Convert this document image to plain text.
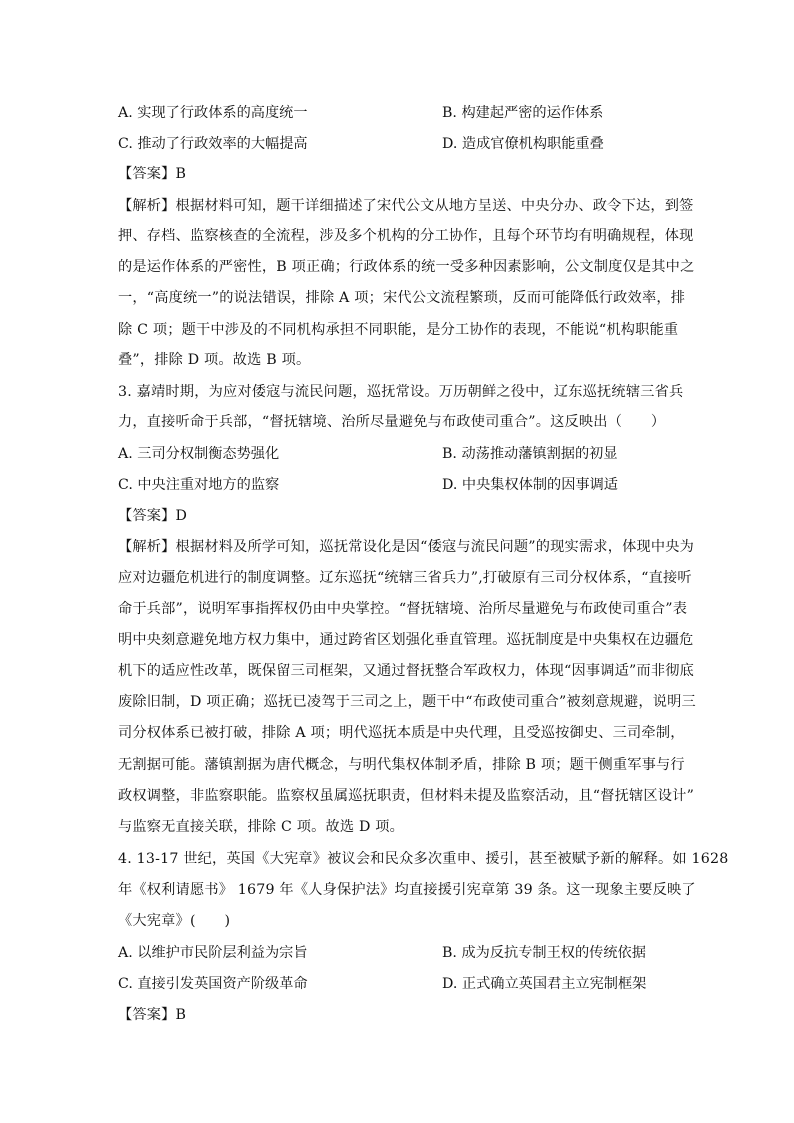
A. 实现了行政体系的高度统一	B. 构建起严密的运作体系
C. 推动了行政效率的大幅提高	D. 造成官僚机构职能重叠
【答案】B
【解析】根据材料可知，题干详细描述了宋代公文从地方呈送、中央分办、政令下达，到签
押、存档、监察核查的全流程，涉及多个机构的分工协作，且每个环节均有明确规程，体现
的是运作体系的严密性，B 项正确；行政体系的统一受多种因素影响，公文制度仅是其中之
一，“高度统一”的说法错误，排除 A 项；宋代公文流程繁琐，反而可能降低行政效率，排
除 C 项；题干中涉及的不同机构承担不同职能，是分工协作的表现，不能说“机构职能重
叠”，排除 D 项。故选 B 项。
3. 嘉靖时期，为应对倭寇与流民问题，巡抚常设。万历朝鲜之役中，辽东巡抚统辖三省兵
力，直接听命于兵部，“督抚辖境、治所尽量避免与布政使司重合”。这反映出（　　）
A. 三司分权制衡态势强化	B. 动荡推动藩镇割据的初显
C. 中央注重对地方的监察	D. 中央集权体制的因事调适
【答案】D
【解析】根据材料及所学可知，巡抚常设化是因“倭寇与流民问题”的现实需求，体现中央为
应对边疆危机进行的制度调整。辽东巡抚“统辖三省兵力”,打破原有三司分权体系，“直接听
命于兵部”，说明军事指挥权仍由中央掌控。“督抚辖境、治所尽量避免与布政使司重合”表
明中央刻意避免地方权力集中，通过跨省区划强化垂直管理。巡抚制度是中央集权在边疆危
机下的适应性改革，既保留三司框架，又通过督抚整合军政权力，体现“因事调适”而非彻底
废除旧制，D 项正确；巡抚已凌驾于三司之上，题干中“布政使司重合”被刻意规避，说明三
司分权体系已被打破，排除 A 项；明代巡抚本质是中央代理，且受巡按御史、三司牵制，
无割据可能。藩镇割据为唐代概念，与明代集权体制矛盾，排除 B 项；题干侧重军事与行
政权调整，非监察职能。监察权虽属巡抚职责，但材料未提及监察活动，且“督抚辖区设计”
与监察无直接关联，排除 C 项。故选 D 项。
4. 13-17 世纪，英国《大宪章》被议会和民众多次重申、援引，甚至被赋予新的解释。如 1628
年《权利请愿书》 1679 年《人身保护法》均直接援引宪章第 39 条。这一现象主要反映了
《大宪章》(　　)
A. 以维护市民阶层利益为宗旨	B. 成为反抗专制王权的传统依据
C. 直接引发英国资产阶级革命	D. 正式确立英国君主立宪制框架
【答案】B
